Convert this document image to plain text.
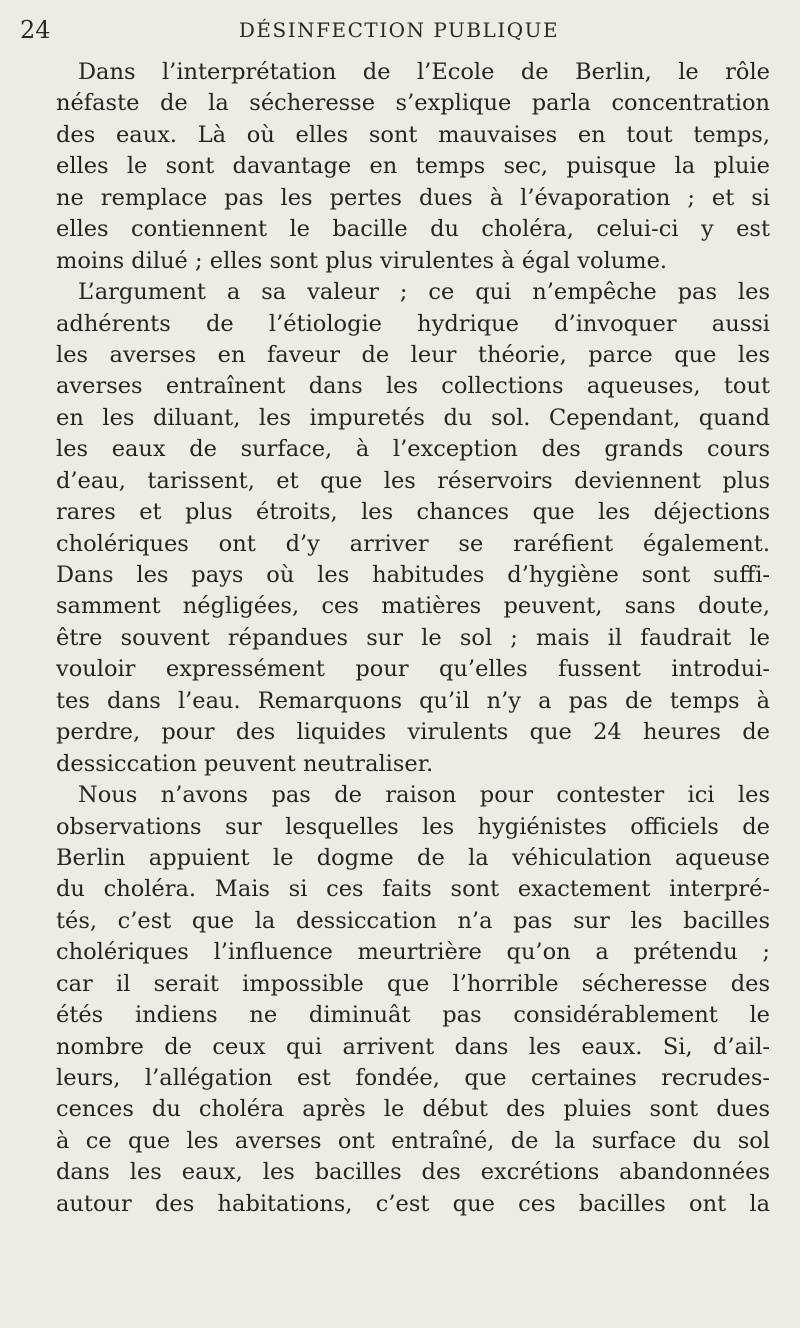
24	DÉSINFECTION PUBLIQUE
Dans l’interprétation de l’Ecole de Berlin, le rôle
néfaste de la sécheresse s’explique parla concentration
des eaux. Là où elles sont mauvaises en tout temps,
elles le sont davantage en temps sec, puisque la pluie
ne remplace pas les pertes dues à l’évaporation ; et si
elles contiennent le bacille du choléra, celui-ci y est
moins dilué ; elles sont plus virulentes à égal volume.
L’argument a sa valeur ; ce qui n’empêche pas les
adhérents de l’étiologie hydrique d’invoquer aussi
les averses en faveur de leur théorie, parce que les
averses entraînent dans les collections aqueuses, tout
en les diluant, les impuretés du sol. Cependant, quand
les eaux de surface, à l’exception des grands cours
d’eau, tarissent, et que les réservoirs deviennent plus
rares et plus étroits, les chances que les déjections
cholériques ont d’y arriver se raréfient également.
Dans les pays où les habitudes d’hygiène sont suffi-
samment négligées, ces matières peuvent, sans doute,
être souvent répandues sur le sol ; mais il faudrait le
vouloir expressément pour qu’elles fussent introdui-
tes dans l’eau. Remarquons qu’il n’y a pas de temps à
perdre, pour des liquides virulents que 24 heures de
dessiccation peuvent neutraliser.
Nous n’avons pas de raison pour contester ici les
observations sur lesquelles les hygiénistes officiels de
Berlin appuient le dogme de la véhiculation aqueuse
du choléra. Mais si ces faits sont exactement interpré-
tés, c’est que la dessiccation n’a pas sur les bacilles
cholériques l’influence meurtrière qu’on a prétendu ;
car il serait impossible que l’horrible sécheresse des
étés indiens ne diminuât pas considérablement le
nombre de ceux qui arrivent dans les eaux. Si, d’ail-
leurs, l’allégation est fondée, que certaines recrudes-
cences du choléra après le début des pluies sont dues
à ce que les averses ont entraîné, de la surface du sol
dans les eaux, les bacilles des excrétions abandonnées
autour des habitations, c’est que ces bacilles ont la
